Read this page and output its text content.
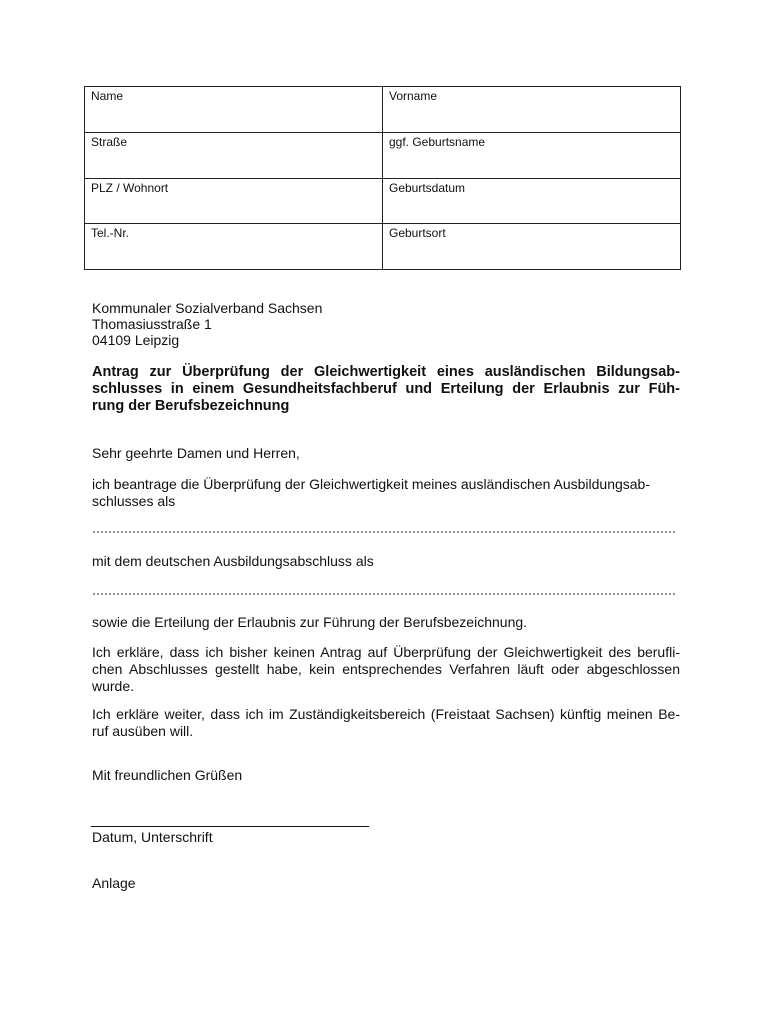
Name	Vorname
Straße	ggf. Geburtsname
PLZ / Wohnort	Geburtsdatum
Tel.-Nr.	Geburtsort
Kommunaler Sozialverband Sachsen
Thomasiusstraße 1
04109 Leipzig
Antrag zur Überprüfung der Gleichwertigkeit eines ausländischen Bildungsab-
schlusses in einem Gesundheitsfachberuf und Erteilung der Erlaubnis zur Füh-
rung der Berufsbezeichnung
Sehr geehrte Damen und Herren,
ich beantrage die Überprüfung der Gleichwertigkeit meines ausländischen Ausbildungsab-
schlusses als
mit dem deutschen Ausbildungsabschluss als
sowie die Erteilung der Erlaubnis zur Führung der Berufsbezeichnung.
Ich erkläre, dass ich bisher keinen Antrag auf Überprüfung der Gleichwertigkeit des berufli-
chen Abschlusses gestellt habe, kein entsprechendes Verfahren läuft oder abgeschlossen
wurde.
Ich erkläre weiter, dass ich im Zuständigkeitsbereich (Freistaat Sachsen) künftig meinen Be-
ruf ausüben will.
Mit freundlichen Grüßen
Datum, Unterschrift
Anlage
